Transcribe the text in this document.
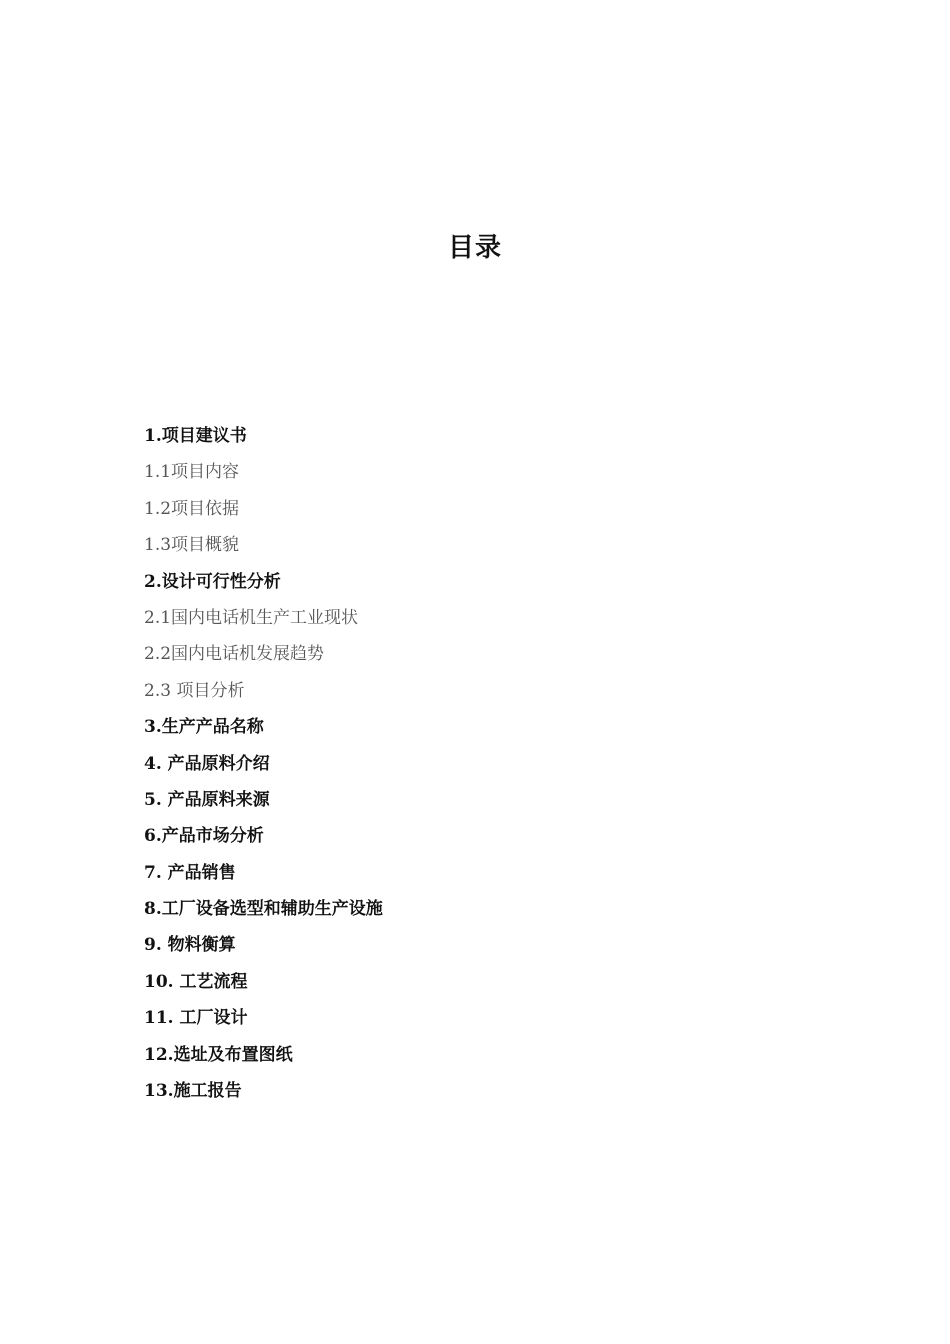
目录
1.项目建议书
1.1项目内容
1.2项目依据
1.3项目概貌
2.设计可行性分析
2.1国内电话机生产工业现状
2.2国内电话机发展趋势
2.3 项目分析
3.生产产品名称
4. 产品原料介绍
5. 产品原料来源
6.产品市场分析
7. 产品销售
8.工厂设备选型和辅助生产设施
9. 物料衡算
10. 工艺流程
11. 工厂设计
12.选址及布置图纸
13.施工报告
